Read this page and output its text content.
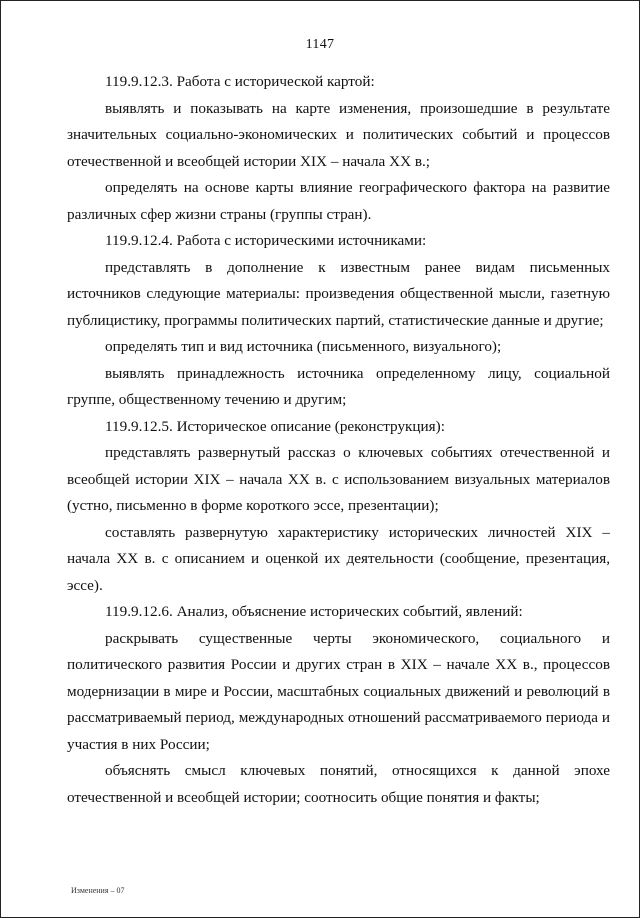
1147

119.9.12.3. Работа с исторической картой:

выявлять и показывать на карте изменения, произошедшие в результате значительных социально-экономических и политических событий и процессов отечественной и всеобщей истории XIX – начала XX в.;

определять на основе карты влияние географического фактора на развитие различных сфер жизни страны (группы стран).

119.9.12.4. Работа с историческими источниками:

представлять в дополнение к известным ранее видам письменных источников следующие материалы: произведения общественной мысли, газетную публицистику, программы политических партий, статистические данные и другие;

определять тип и вид источника (письменного, визуального);

выявлять принадлежность источника определенному лицу, социальной группе, общественному течению и другим;

119.9.12.5. Историческое описание (реконструкция):

представлять развернутый рассказ о ключевых событиях отечественной и всеобщей истории XIX – начала XX в. с использованием визуальных материалов (устно, письменно в форме короткого эссе, презентации);

составлять развернутую характеристику исторических личностей XIX – начала XX в. с описанием и оценкой их деятельности (сообщение, презентация, эссе).

119.9.12.6. Анализ, объяснение исторических событий, явлений:

раскрывать существенные черты экономического, социального и политического развития России и других стран в XIX – начале XX в., процессов модернизации в мире и России, масштабных социальных движений и революций в рассматриваемый период, международных отношений рассматриваемого периода и участия в них России;

объяснять смысл ключевых понятий, относящихся к данной эпохе отечественной и всеобщей истории; соотносить общие понятия и факты;

Изменения – 07
